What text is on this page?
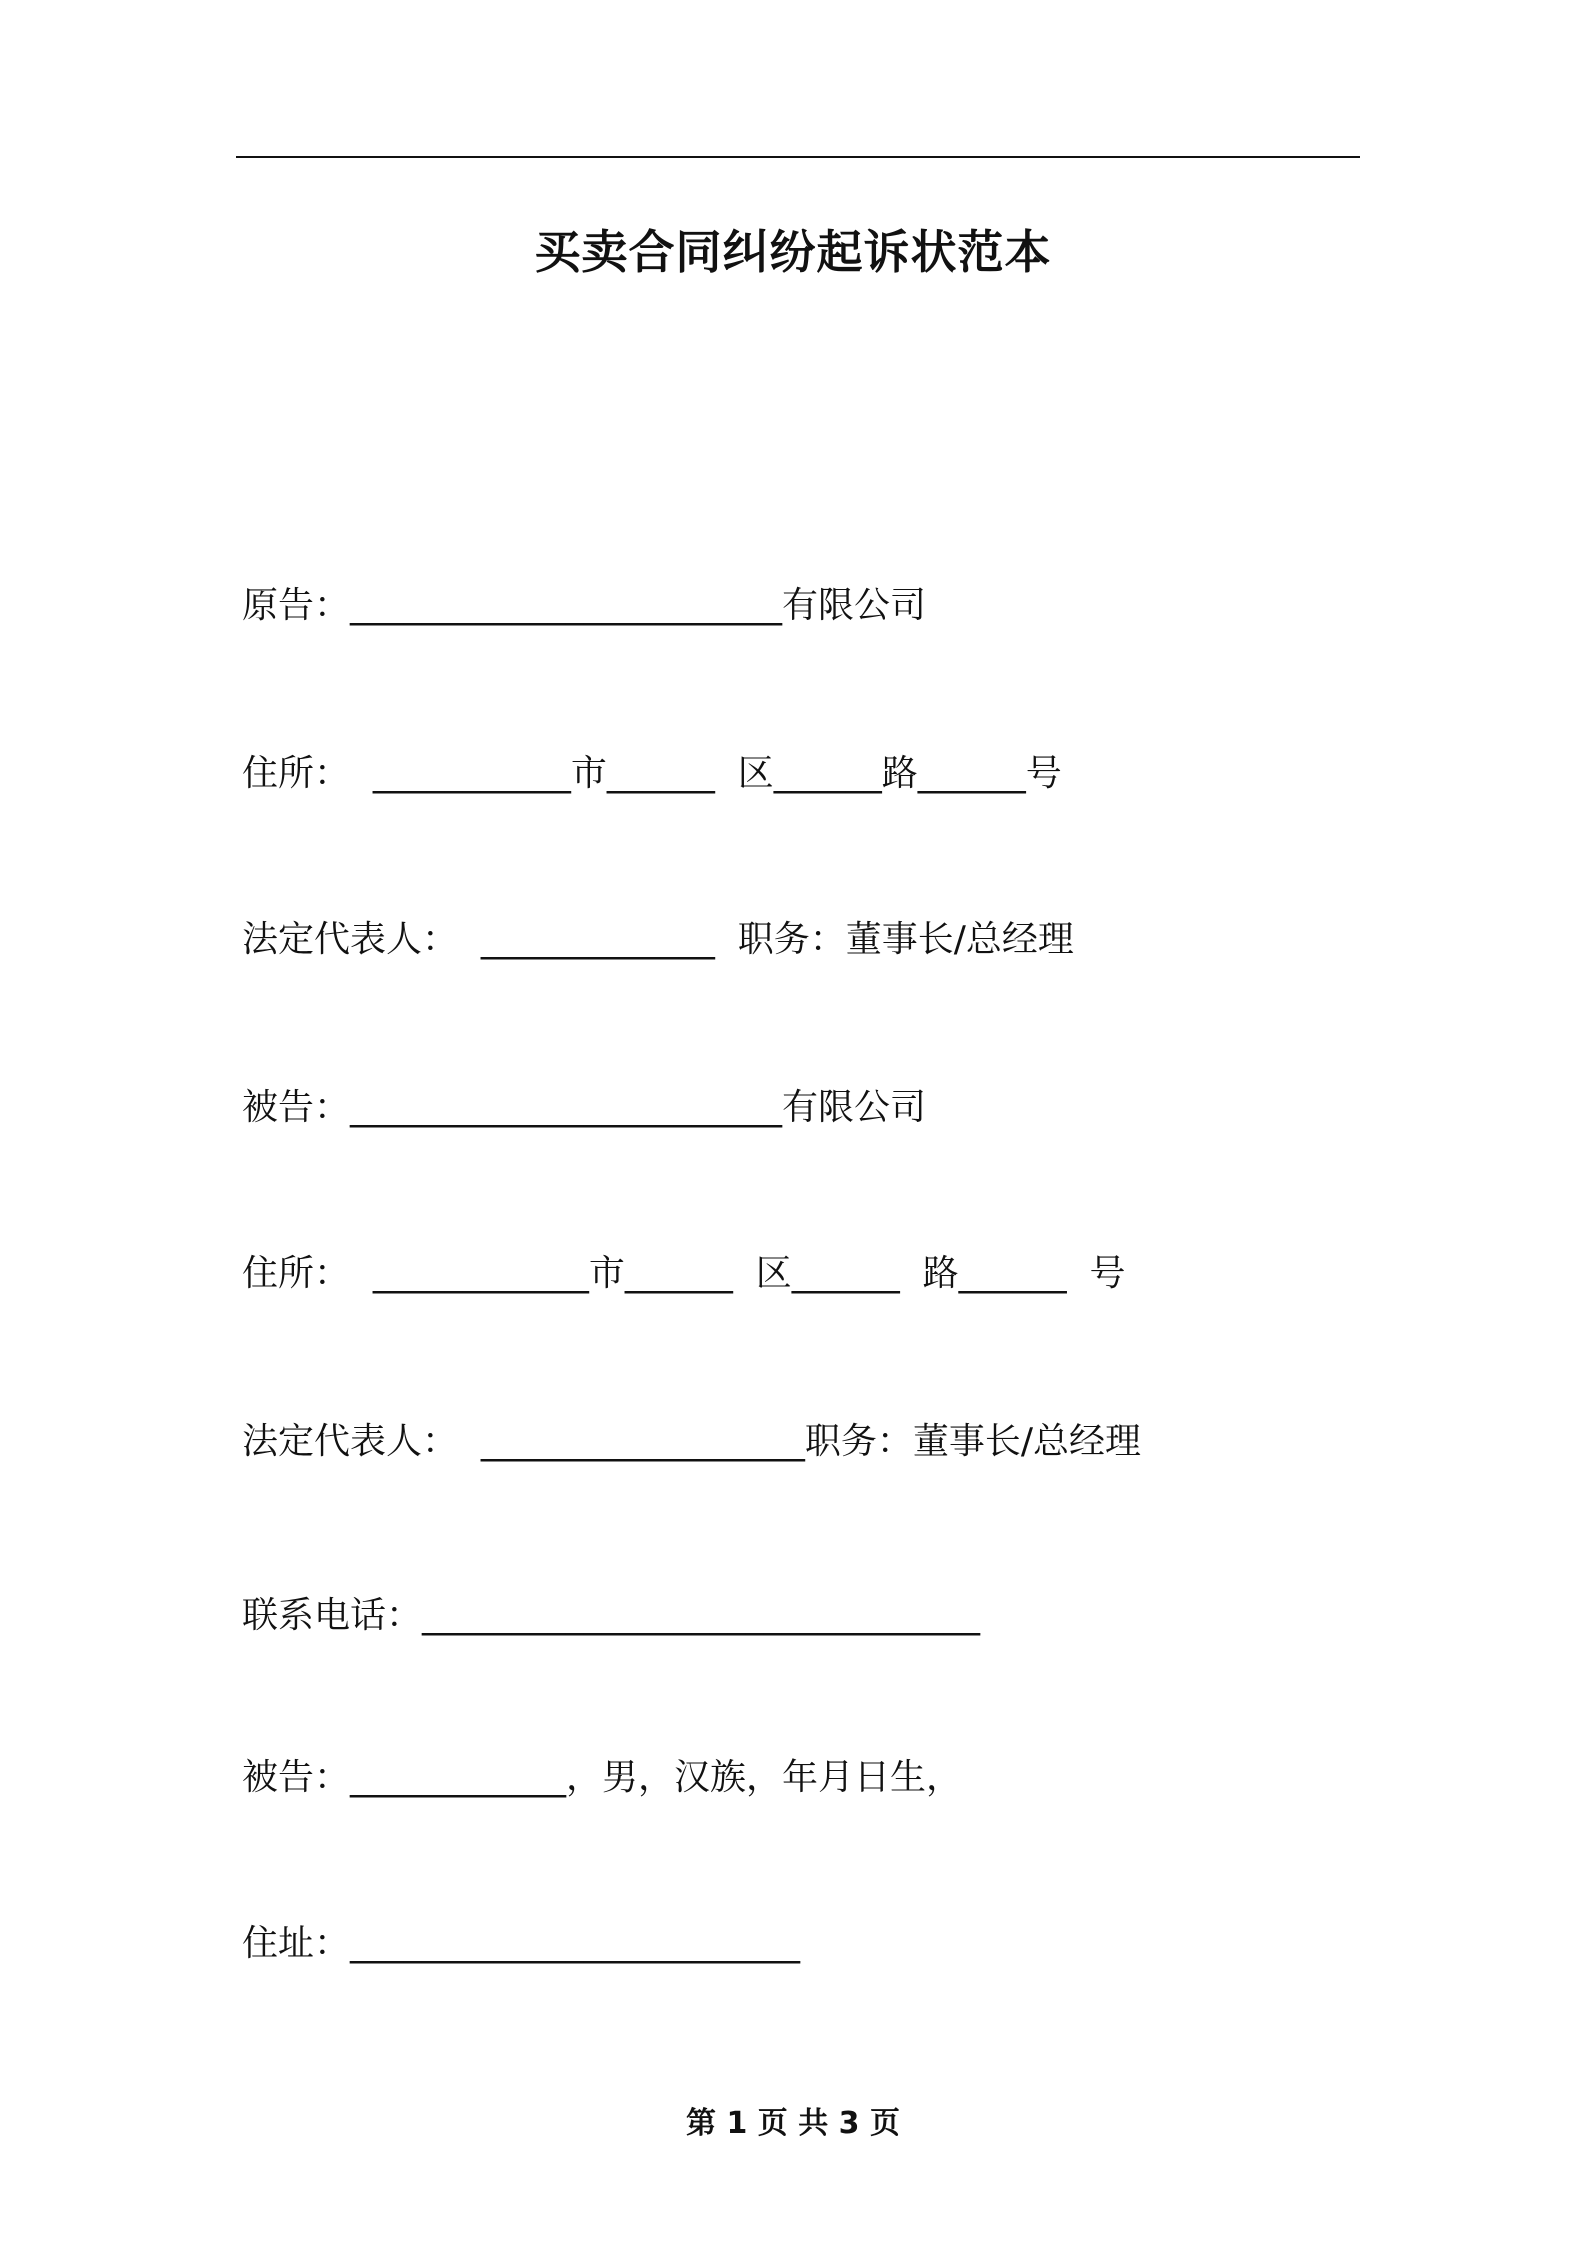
买卖合同纠纷起诉状范本
原告：________________________有限公司
住所：  ___________市______  区______路______号
法定代表人：  _____________  职务：董事长/总经理
被告：________________________有限公司
住所：  ____________市______  区______  路______  号
法定代表人：  __________________职务：董事长/总经理
联系电话：_______________________________
被告：____________，男，汉族，年月日生，
住址：_________________________
第 1 页 共 3 页
